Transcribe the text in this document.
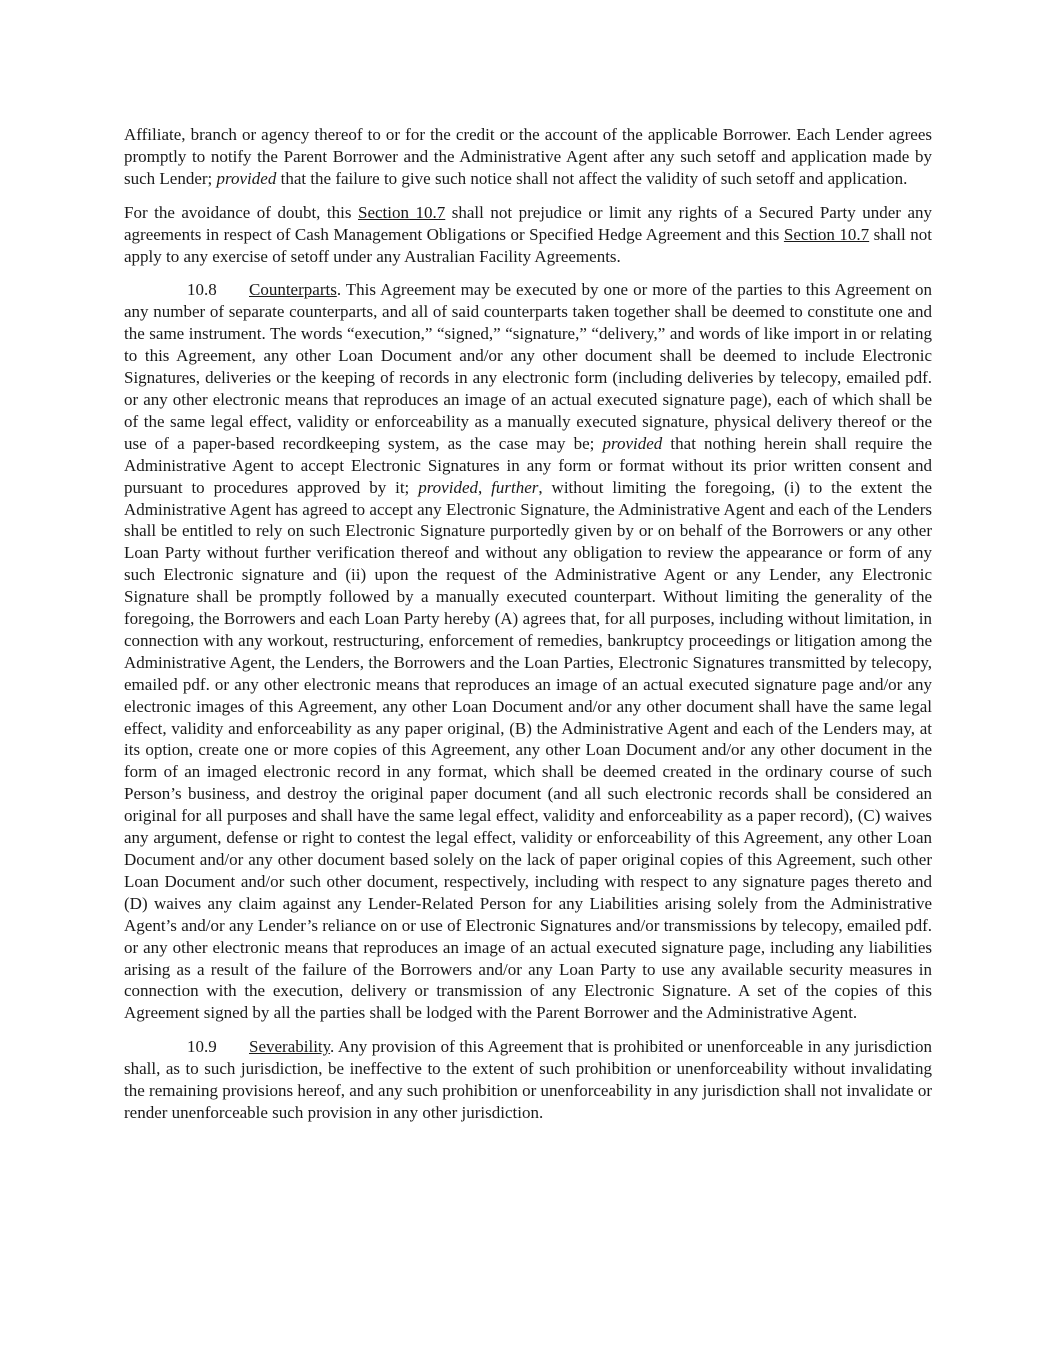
Affiliate, branch or agency thereof to or for the credit or the account of the applicable Borrower. Each Lender agrees promptly to notify the Parent Borrower and the Administrative Agent after any such setoff and application made by such Lender; provided that the failure to give such notice shall not affect the validity of such setoff and application.

For the avoidance of doubt, this Section 10.7 shall not prejudice or limit any rights of a Secured Party under any agreements in respect of Cash Management Obligations or Specified Hedge Agreement and this Section 10.7 shall not apply to any exercise of setoff under any Australian Facility Agreements.

10.8 Counterparts. This Agreement may be executed by one or more of the parties to this Agreement on any number of separate counterparts, and all of said counterparts taken together shall be deemed to constitute one and the same instrument. The words “execution,” “signed,” “signature,” “delivery,” and words of like import in or relating to this Agreement, any other Loan Document and/or any other document shall be deemed to include Electronic Signatures, deliveries or the keeping of records in any electronic form (including deliveries by telecopy, emailed pdf. or any other electronic means that reproduces an image of an actual executed signature page), each of which shall be of the same legal effect, validity or enforceability as a manually executed signature, physical delivery thereof or the use of a paper-based recordkeeping system, as the case may be; provided that nothing herein shall require the Administrative Agent to accept Electronic Signatures in any form or format without its prior written consent and pursuant to procedures approved by it; provided, further, without limiting the foregoing, (i) to the extent the Administrative Agent has agreed to accept any Electronic Signature, the Administrative Agent and each of the Lenders shall be entitled to rely on such Electronic Signature purportedly given by or on behalf of the Borrowers or any other Loan Party without further verification thereof and without any obligation to review the appearance or form of any such Electronic signature and (ii) upon the request of the Administrative Agent or any Lender, any Electronic Signature shall be promptly followed by a manually executed counterpart. Without limiting the generality of the foregoing, the Borrowers and each Loan Party hereby (A) agrees that, for all purposes, including without limitation, in connection with any workout, restructuring, enforcement of remedies, bankruptcy proceedings or litigation among the Administrative Agent, the Lenders, the Borrowers and the Loan Parties, Electronic Signatures transmitted by telecopy, emailed pdf. or any other electronic means that reproduces an image of an actual executed signature page and/or any electronic images of this Agreement, any other Loan Document and/or any other document shall have the same legal effect, validity and enforceability as any paper original, (B) the Administrative Agent and each of the Lenders may, at its option, create one or more copies of this Agreement, any other Loan Document and/or any other document in the form of an imaged electronic record in any format, which shall be deemed created in the ordinary course of such Person’s business, and destroy the original paper document (and all such electronic records shall be considered an original for all purposes and shall have the same legal effect, validity and enforceability as a paper record), (C) waives any argument, defense or right to contest the legal effect, validity or enforceability of this Agreement, any other Loan Document and/or any other document based solely on the lack of paper original copies of this Agreement, such other Loan Document and/or such other document, respectively, including with respect to any signature pages thereto and (D) waives any claim against any Lender-Related Person for any Liabilities arising solely from the Administrative Agent’s and/or any Lender’s reliance on or use of Electronic Signatures and/or transmissions by telecopy, emailed pdf. or any other electronic means that reproduces an image of an actual executed signature page, including any liabilities arising as a result of the failure of the Borrowers and/or any Loan Party to use any available security measures in connection with the execution, delivery or transmission of any Electronic Signature. A set of the copies of this Agreement signed by all the parties shall be lodged with the Parent Borrower and the Administrative Agent.

10.9 Severability. Any provision of this Agreement that is prohibited or unenforceable in any jurisdiction shall, as to such jurisdiction, be ineffective to the extent of such prohibition or unenforceability without invalidating the remaining provisions hereof, and any such prohibition or unenforceability in any jurisdiction shall not invalidate or render unenforceable such provision in any other jurisdiction.
